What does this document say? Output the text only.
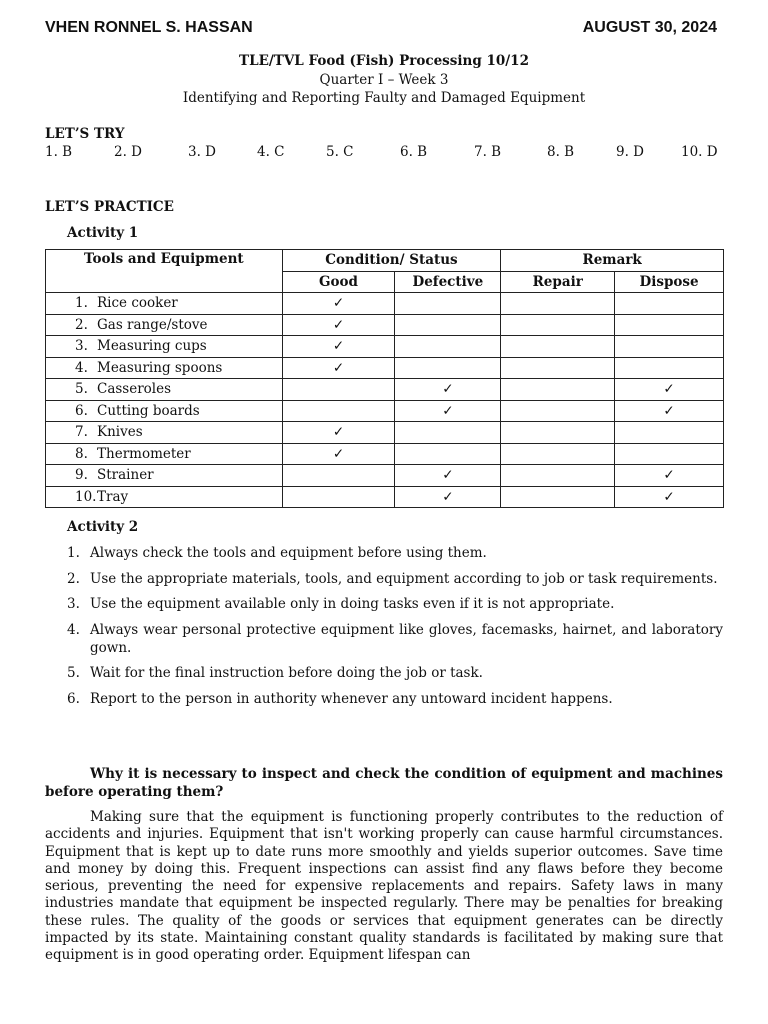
VHEN RONNEL S. HASSAN	AUGUST 30, 2024
TLE/TVL Food (Fish) Processing 10/12
Quarter I – Week 3
Identifying and Reporting Faulty and Damaged Equipment
LET’S TRY
1. B	2. D	3. D	4. C	5. C	6. B	7. B	8. B	9. D	10. D
LET’S PRACTICE
Activity 1
Tools and Equipment	Condition/ Status		Remark	
	Good	Defective	Repair	Dispose
1. Rice cooker	✓			
2. Gas range/stove	✓			
3. Measuring cups	✓			
4. Measuring spoons	✓			
5. Casseroles		✓		✓
6. Cutting boards		✓		✓
7. Knives	✓			
8. Thermometer	✓			
9. Strainer		✓		✓
10.Tray		✓		✓
Activity 2
1. Always check the tools and equipment before using them.
2. Use the appropriate materials, tools, and equipment according to job or task requirements.
3. Use the equipment available only in doing tasks even if it is not appropriate.
4. Always wear personal protective equipment like gloves, facemasks, hairnet, and laboratory gown.
5. Wait for the final instruction before doing the job or task.
6. Report to the person in authority whenever any untoward incident happens.
Why it is necessary to inspect and check the condition of equipment and machines before operating them?
Making sure that the equipment is functioning properly contributes to the reduction of accidents and injuries. Equipment that isn't working properly can cause harmful circumstances. Equipment that is kept up to date runs more smoothly and yields superior outcomes. Save time and money by doing this. Frequent inspections can assist find any flaws before they become serious, preventing the need for expensive replacements and repairs. Safety laws in many industries mandate that equipment be inspected regularly. There may be penalties for breaking these rules. The quality of the goods or services that equipment generates can be directly impacted by its state. Maintaining constant quality standards is facilitated by making sure that equipment is in good operating order. Equipment lifespan can
